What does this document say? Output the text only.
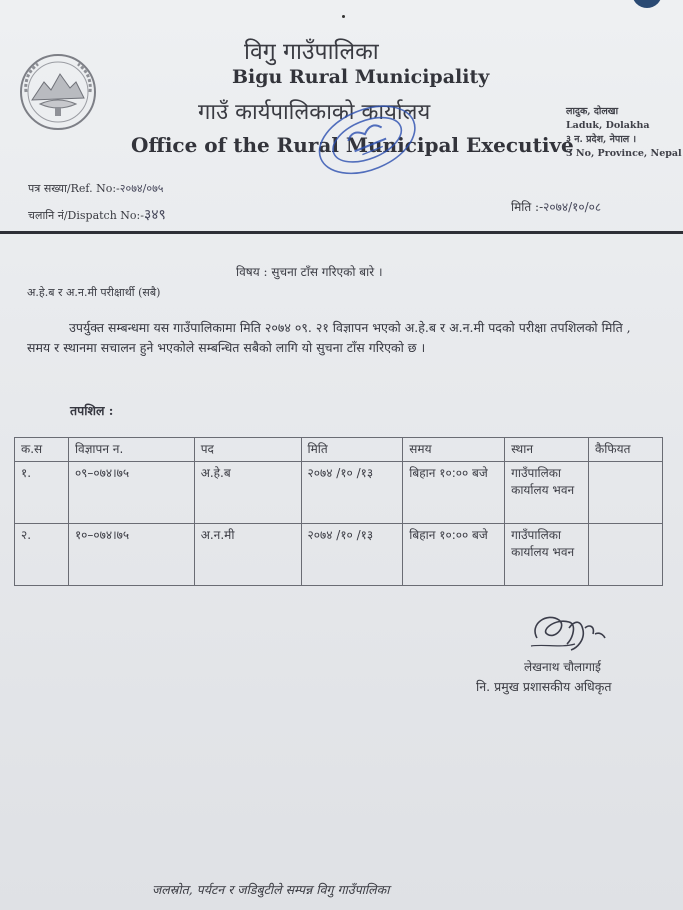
विगु गाउँपालिका
Bigu Rural Municipality
गाउँ कार्यपालिकाको कार्यालय
Office of the Rural Municipal Executive
लादुक, दोलखा
Laduk, Dolakha
३ न. प्रदेश, नेपाल ।
3 No, Province, Nepal
पत्र सख्या/Ref. No:-२०७४/०७५
चलानि नं/Dispatch No:-३४९	मिति :-२०७४/१०/०८
विषय : सुचना टाँस गरिएको बारे ।
अ.हे.ब र अ.न.मी परीक्षार्थी (सबै)
उपर्युक्त सम्बन्धमा यस गाउँपालिकामा मिति २०७४ ०९. २१ विज्ञापन भएको अ.हे.ब र अ.न.मी पदको परीक्षा तपशिलको मिति , समय र स्थानमा सचालन हुने भएकोले सम्बन्धित सबैको लागि यो सुचना टाँस गरिएको छ ।
तपशिल :
क.स	विज्ञापन न.	पद	मिति	समय	स्थान	कैफियत
१.	०९–०७४।७५	अ.हे.ब	२०७४ /१० /१३	बिहान १०:०० बजे	गाउँपालिका कार्यालय भवन	
२.	१०–०७४।७५	अ.न.मी	२०७४ /१० /१३	बिहान १०:०० बजे	गाउँपालिका कार्यालय भवन	
लेखनाथ चौलागाई
नि. प्रमुख प्रशासकीय अधिकृत
जलस्रोत, पर्यटन र जडिबुटीले सम्पन्न विगु गाउँपालिका
